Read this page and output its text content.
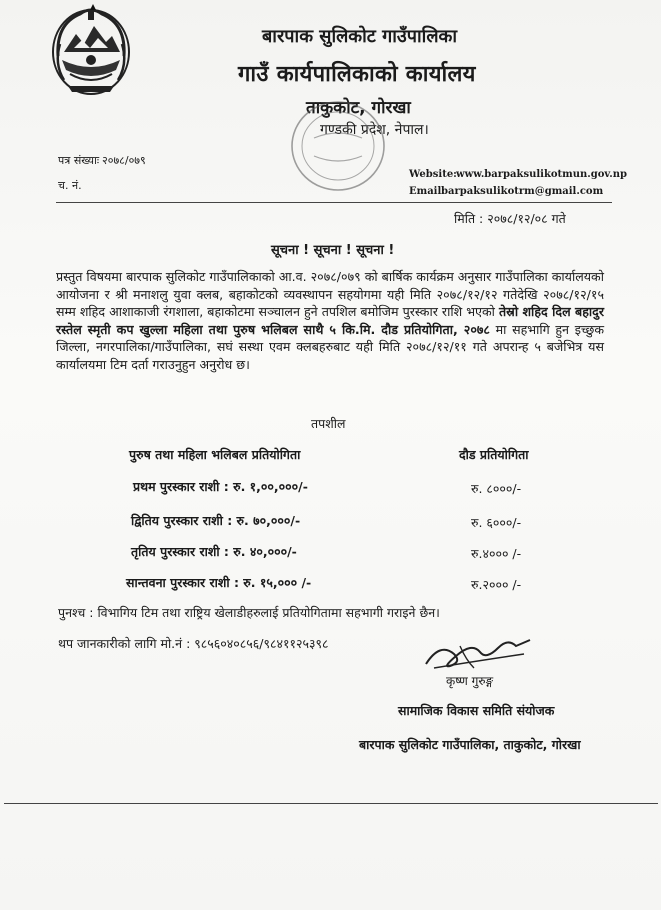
बारपाक सुलिकोट गाउँपालिका
गाउँ कार्यपालिकाको कार्यालय
ताकुकोट, गोरखा
गण्डकी प्रदेश, नेपाल।
पत्र संख्याः २०७८/०७९
च. नं.
Website: www.barpaksulikotmun.gov.np
Email:
barpaksulikotrm@gmail.com
मिति : २०७८/१२/०८ गते
सूचना ! सूचना ! सूचना !
प्रस्तुत विषयमा बारपाक सुलिकोट गाउँपालिकाको आ.व. २०७८/०७९ को बार्षिक कार्यक्रम अनुसार गाउँपालिका कार्यालयको आयोजना र श्री मनाशलु युवा क्लब, बहाकोटको व्यवस्थापन सहयोगमा यही मिति २०७८/१२/१२ गतेदेखि २०७८/१२/१५ सम्म शहिद आशाकाजी रंगशाला, बहाकोटमा सञ्चालन हुने तपशिल बमोजिम पुरस्कार राशि भएको तेस्रो शहिद दिल बहादुर रस्तेल स्मृती कप खुल्ला महिला तथा पुरुष भलिबल साथै ५ कि.मि. दौड प्रतियोगिता, २०७८ मा सहभागि हुन इच्छुक जिल्ला, नगरपालिका/गाउँपालिका, सघं सस्था एवम क्लबहरुबाट यही मिति २०७८/१२/११ गते अपरान्ह ५ बजेभित्र यस कार्यालयमा टिम दर्ता गराउनुहुन अनुरोध छ।
तपशील
पुरुष तथा महिला भलिबल प्रतियोगिता	दौड प्रतियोगिता
प्रथम पुरस्कार राशी : रु. १,००,०००/-	रु. ८०००/-
द्वितिय पुरस्कार राशी : रु. ७०,०००/-	रु. ६०००/-
तृतिय पुरस्कार राशी : रु. ४०,०००/-	रु.४००० /-
सान्तवना पुरस्कार राशी : रु. १५,००० /-	रु.२००० /-
पुनश्च : विभागिय टिम तथा राष्ट्रिय खेलाडीहरुलाई प्रतियोगितामा सहभागी गराइने छैन।
थप जानकारीको लागि मो.नं : ९८५६०४०८५६/९८४११२५३९८
कृष्ण गुरुङ्ग
सामाजिक विकास समिति संयोजक
बारपाक सुलिकोट गाउँपालिका, ताकुकोट, गोरखा
